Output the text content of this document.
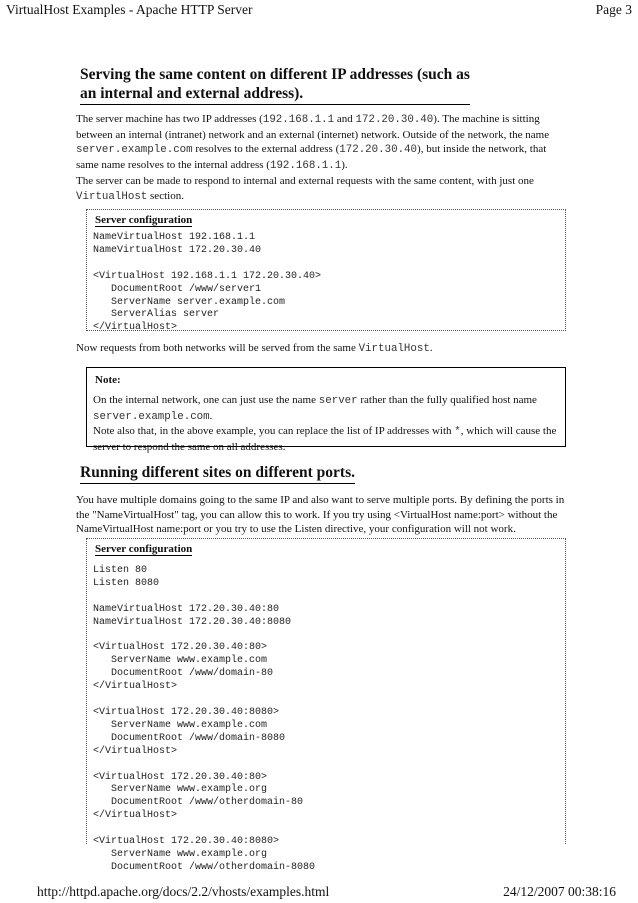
VirtualHost Examples - Apache HTTP Server	Page 3
Serving the same content on different IP addresses (such as
an internal and external address).

The server machine has two IP addresses (192.168.1.1 and 172.20.30.40). The machine is sitting between an internal (intranet) network and an external (internet) network. Outside of the network, the name server.example.com resolves to the external address (172.20.30.40), but inside the network, that same name resolves to the internal address (192.168.1.1).

The server can be made to respond to internal and external requests with the same content, with just one VirtualHost section.

Server configuration
NameVirtualHost 192.168.1.1
NameVirtualHost 172.20.30.40

<VirtualHost 192.168.1.1 172.20.30.40>
DocumentRoot /www/server1
ServerName server.example.com
ServerAlias server
</VirtualHost>

Now requests from both networks will be served from the same VirtualHost.

Note:
On the internal network, one can just use the name server rather than the fully qualified host name server.example.com.
Note also that, in the above example, you can replace the list of IP addresses with *, which will cause the server to respond the same on all addresses.
Running different sites on different ports.

You have multiple domains going to the same IP and also want to serve multiple ports. By defining the ports in the "NameVirtualHost" tag, you can allow this to work. If you try using <VirtualHost name:port> without the NameVirtualHost name:port or you try to use the Listen directive, your configuration will not work.

Server configuration
Listen 80
Listen 8080

NameVirtualHost 172.20.30.40:80
NameVirtualHost 172.20.30.40:8080

<VirtualHost 172.20.30.40:80>
ServerName www.example.com
DocumentRoot /www/domain-80
</VirtualHost>

<VirtualHost 172.20.30.40:8080>
ServerName www.example.com
DocumentRoot /www/domain-8080
</VirtualHost>

<VirtualHost 172.20.30.40:80>
ServerName www.example.org
DocumentRoot /www/otherdomain-80
</VirtualHost>

<VirtualHost 172.20.30.40:8080>
ServerName www.example.org
DocumentRoot /www/otherdomain-8080
http://httpd.apache.org/docs/2.2/vhosts/examples.html	24/12/2007 00:38:16
